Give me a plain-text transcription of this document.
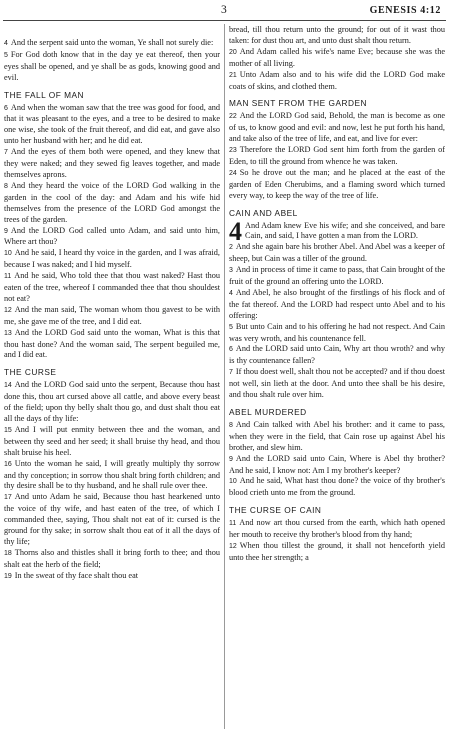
3	GENESIS 4:12

4 And the serpent said unto the woman, Ye shall not surely die:

5 For God doth know that in the day ye eat thereof, then your eyes shall be opened, and ye shall be as gods, knowing good and evil.

THE FALL OF MAN

6 And when the woman saw that the tree was good for food, and that it was pleasant to the eyes, and a tree to be desired to make one wise, she took of the fruit thereof, and did eat, and gave also unto her husband with her; and he did eat.

7 And the eyes of them both were opened, and they knew that they were naked; and they sewed fig leaves together, and made themselves aprons.

8 And they heard the voice of the LORD God walking in the garden in the cool of the day: and Adam and his wife hid themselves from the presence of the LORD God amongst the trees of the garden.

9 And the LORD God called unto Adam, and said unto him, Where art thou?

10 And he said, I heard thy voice in the garden, and I was afraid, because I was naked; and I hid myself.

11 And he said, Who told thee that thou wast naked? Hast thou eaten of the tree, whereof I commanded thee that thou shouldest not eat?

12 And the man said, The woman whom thou gavest to be with me, she gave me of the tree, and I did eat.

13 And the LORD God said unto the woman, What is this that thou hast done? And the woman said, The serpent beguiled me, and I did eat.

THE CURSE

14 And the LORD God said unto the serpent, Because thou hast done this, thou art cursed above all cattle, and above every beast of the field; upon thy belly shalt thou go, and dust shalt thou eat all the days of thy life:

15 And I will put enmity between thee and the woman, and between thy seed and her seed; it shall bruise thy head, and thou shalt bruise his heel.

16 Unto the woman he said, I will greatly multiply thy sorrow and thy conception; in sorrow thou shalt bring forth children; and thy desire shall be to thy husband, and he shall rule over thee.

17 And unto Adam he said, Because thou hast hearkened unto the voice of thy wife, and hast eaten of the tree, of which I commanded thee, saying, Thou shalt not eat of it: cursed is the ground for thy sake; in sorrow shalt thou eat of it all the days of thy life;

18 Thorns also and thistles shall it bring forth to thee; and thou shalt eat the herb of the field;

19 In the sweat of thy face shalt thou eat

bread, till thou return unto the ground; for out of it wast thou taken: for dust thou art, and unto dust shalt thou return.

20 And Adam called his wife's name Eve; because she was the mother of all living.

21 Unto Adam also and to his wife did the LORD God make coats of skins, and clothed them.

MAN SENT FROM THE GARDEN

22 And the LORD God said, Behold, the man is become as one of us, to know good and evil: and now, lest he put forth his hand, and take also of the tree of life, and eat, and live for ever:

23 Therefore the LORD God sent him forth from the garden of Eden, to till the ground from whence he was taken.

24 So he drove out the man; and he placed at the east of the garden of Eden Cherubims, and a flaming sword which turned every way, to keep the way of the tree of life.

CAIN AND ABEL

4 And Adam knew Eve his wife; and she conceived, and bare Cain, and said, I have gotten a man from the LORD.

2 And she again bare his brother Abel. And Abel was a keeper of sheep, but Cain was a tiller of the ground.

3 And in process of time it came to pass, that Cain brought of the fruit of the ground an offering unto the LORD.

4 And Abel, he also brought of the firstlings of his flock and of the fat thereof. And the LORD had respect unto Abel and to his offering:

5 But unto Cain and to his offering he had not respect. And Cain was very wroth, and his countenance fell.

6 And the LORD said unto Cain, Why art thou wroth? and why is thy countenance fallen?

7 If thou doest well, shalt thou not be accepted? and if thou doest not well, sin lieth at the door. And unto thee shall be his desire, and thou shalt rule over him.

ABEL MURDERED

8 And Cain talked with Abel his brother: and it came to pass, when they were in the field, that Cain rose up against Abel his brother, and slew him.

9 And the LORD said unto Cain, Where is Abel thy brother? And he said, I know not: Am I my brother's keeper?

10 And he said, What hast thou done? the voice of thy brother's blood crieth unto me from the ground.

THE CURSE OF CAIN

11 And now art thou cursed from the earth, which hath opened her mouth to receive thy brother's blood from thy hand;

12 When thou tillest the ground, it shall not henceforth yield unto thee her strength; a
